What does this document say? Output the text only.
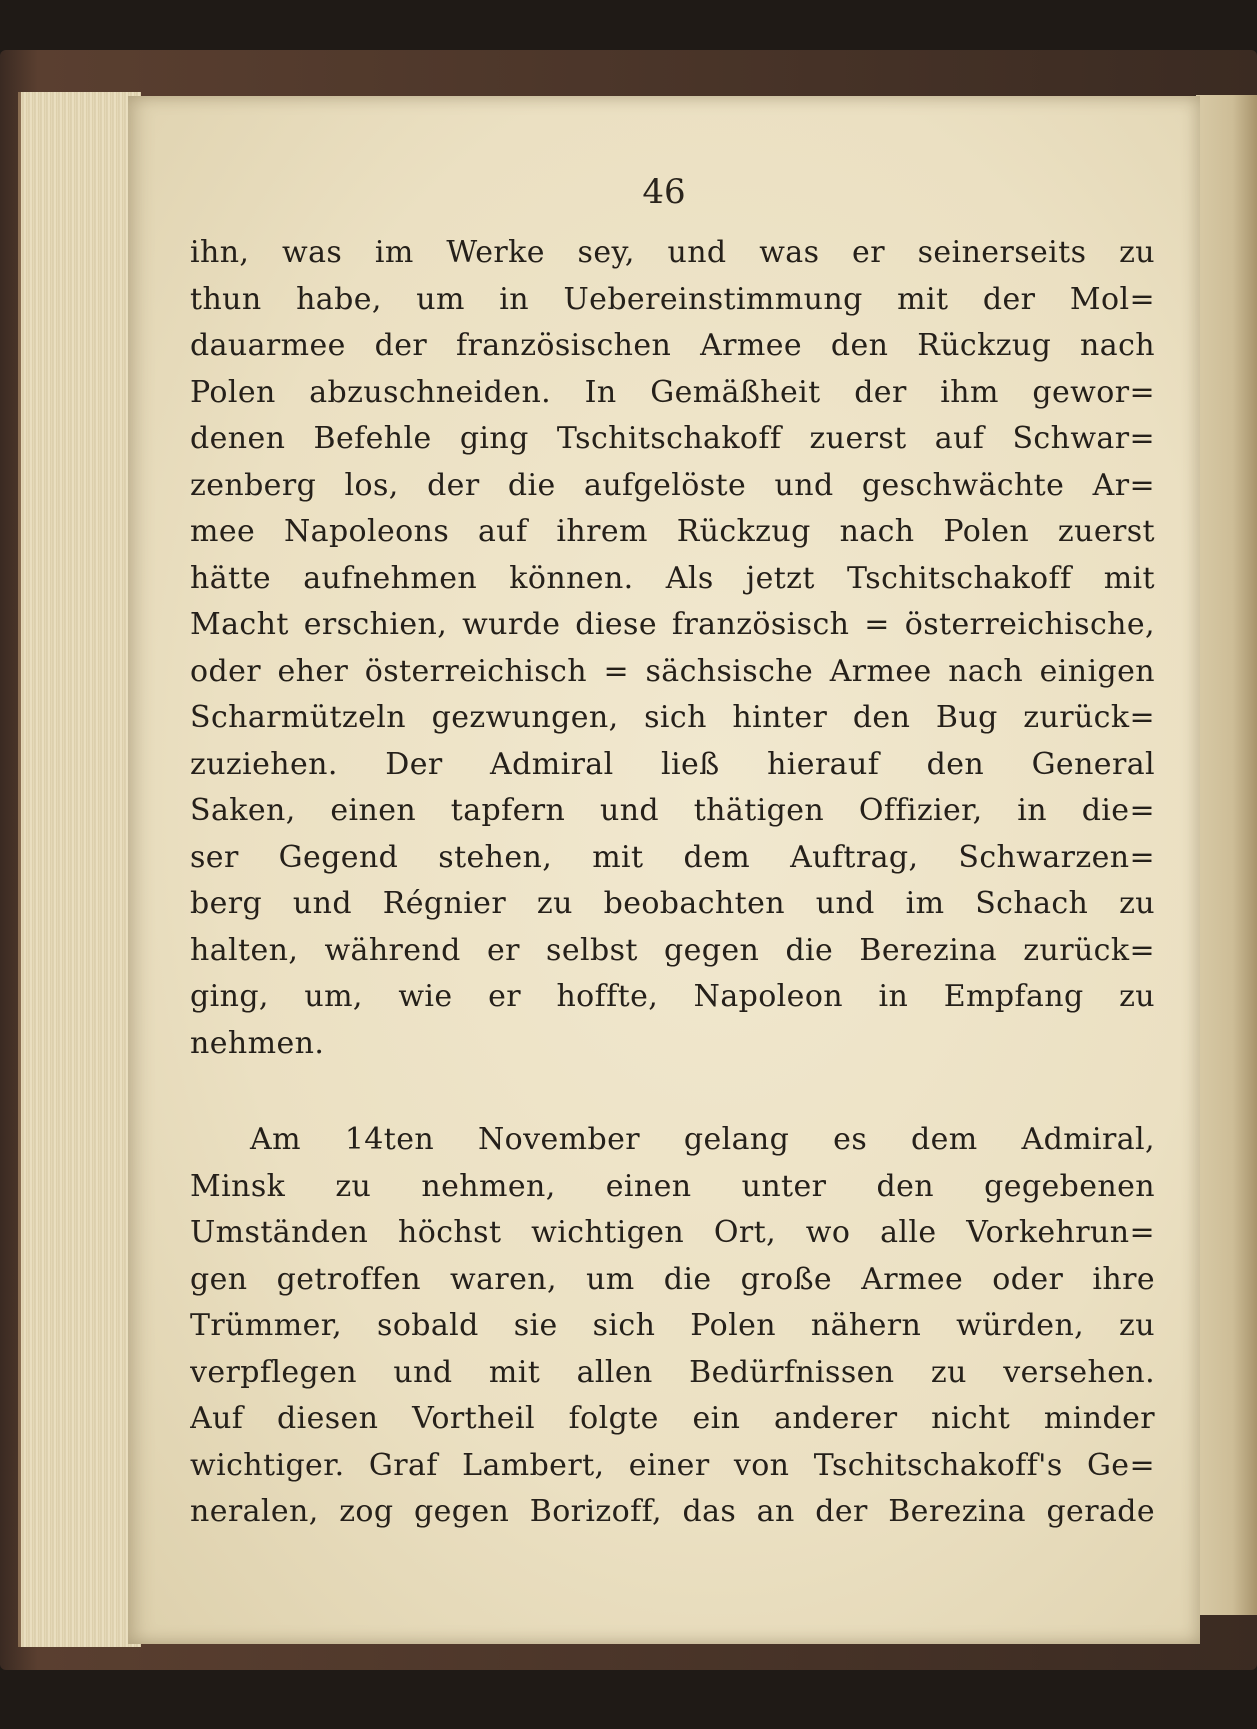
46
ihn, was im Werke sey, und was er seinerseits zu
thun habe, um in Uebereinstimmung mit der Mol=
dauarmee der französischen Armee den Rückzug nach
Polen abzuschneiden. In Gemäßheit der ihm gewor=
denen Befehle ging Tschitschakoff zuerst auf Schwar=
zenberg los, der die aufgelöste und geschwächte Ar=
mee Napoleons auf ihrem Rückzug nach Polen zuerst
hätte aufnehmen können. Als jetzt Tschitschakoff mit
Macht erschien, wurde diese französisch = österreichische,
oder eher österreichisch = sächsische Armee nach einigen
Scharmützeln gezwungen, sich hinter den Bug zurück=
zuziehen. Der Admiral ließ hierauf den General
Saken, einen tapfern und thätigen Offizier, in die=
ser Gegend stehen, mit dem Auftrag, Schwarzen=
berg und Régnier zu beobachten und im Schach zu
halten, während er selbst gegen die Berezina zurück=
ging, um, wie er hoffte, Napoleon in Empfang zu
nehmen.
Am 14ten November gelang es dem Admiral,
Minsk zu nehmen, einen unter den gegebenen
Umständen höchst wichtigen Ort, wo alle Vorkehrun=
gen getroffen waren, um die große Armee oder ihre
Trümmer, sobald sie sich Polen nähern würden, zu
verpflegen und mit allen Bedürfnissen zu versehen.
Auf diesen Vortheil folgte ein anderer nicht minder
wichtiger. Graf Lambert, einer von Tschitschakoff's Ge=
neralen, zog gegen Borizoff, das an der Berezina gerade
